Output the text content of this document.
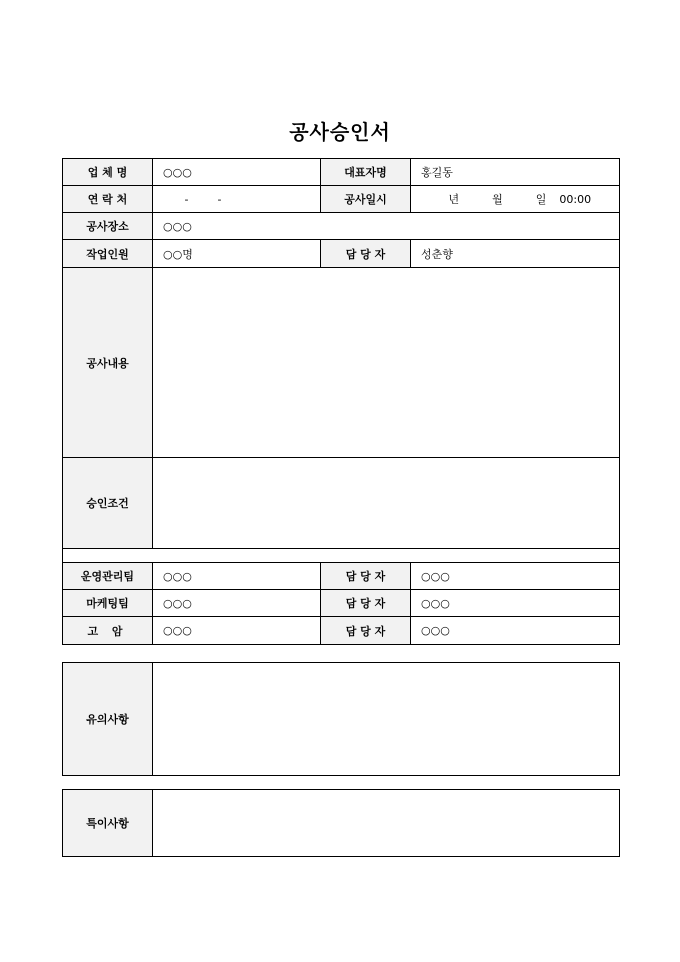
공사승인서
업 체 명	○○○	대표자명	홍길동
연 락 처	- -	공사일시	년 월 일 00:00
공사장소	○○○		
작업인원	○○명	담 당 자	성춘향
공사내용			
승인조건			

운영관리팀	○○○	담 당 자	○○○
마케팅팀	○○○	담 당 자	○○○
고 암	○○○	담 당 자	○○○
유의사항	
특이사항	
